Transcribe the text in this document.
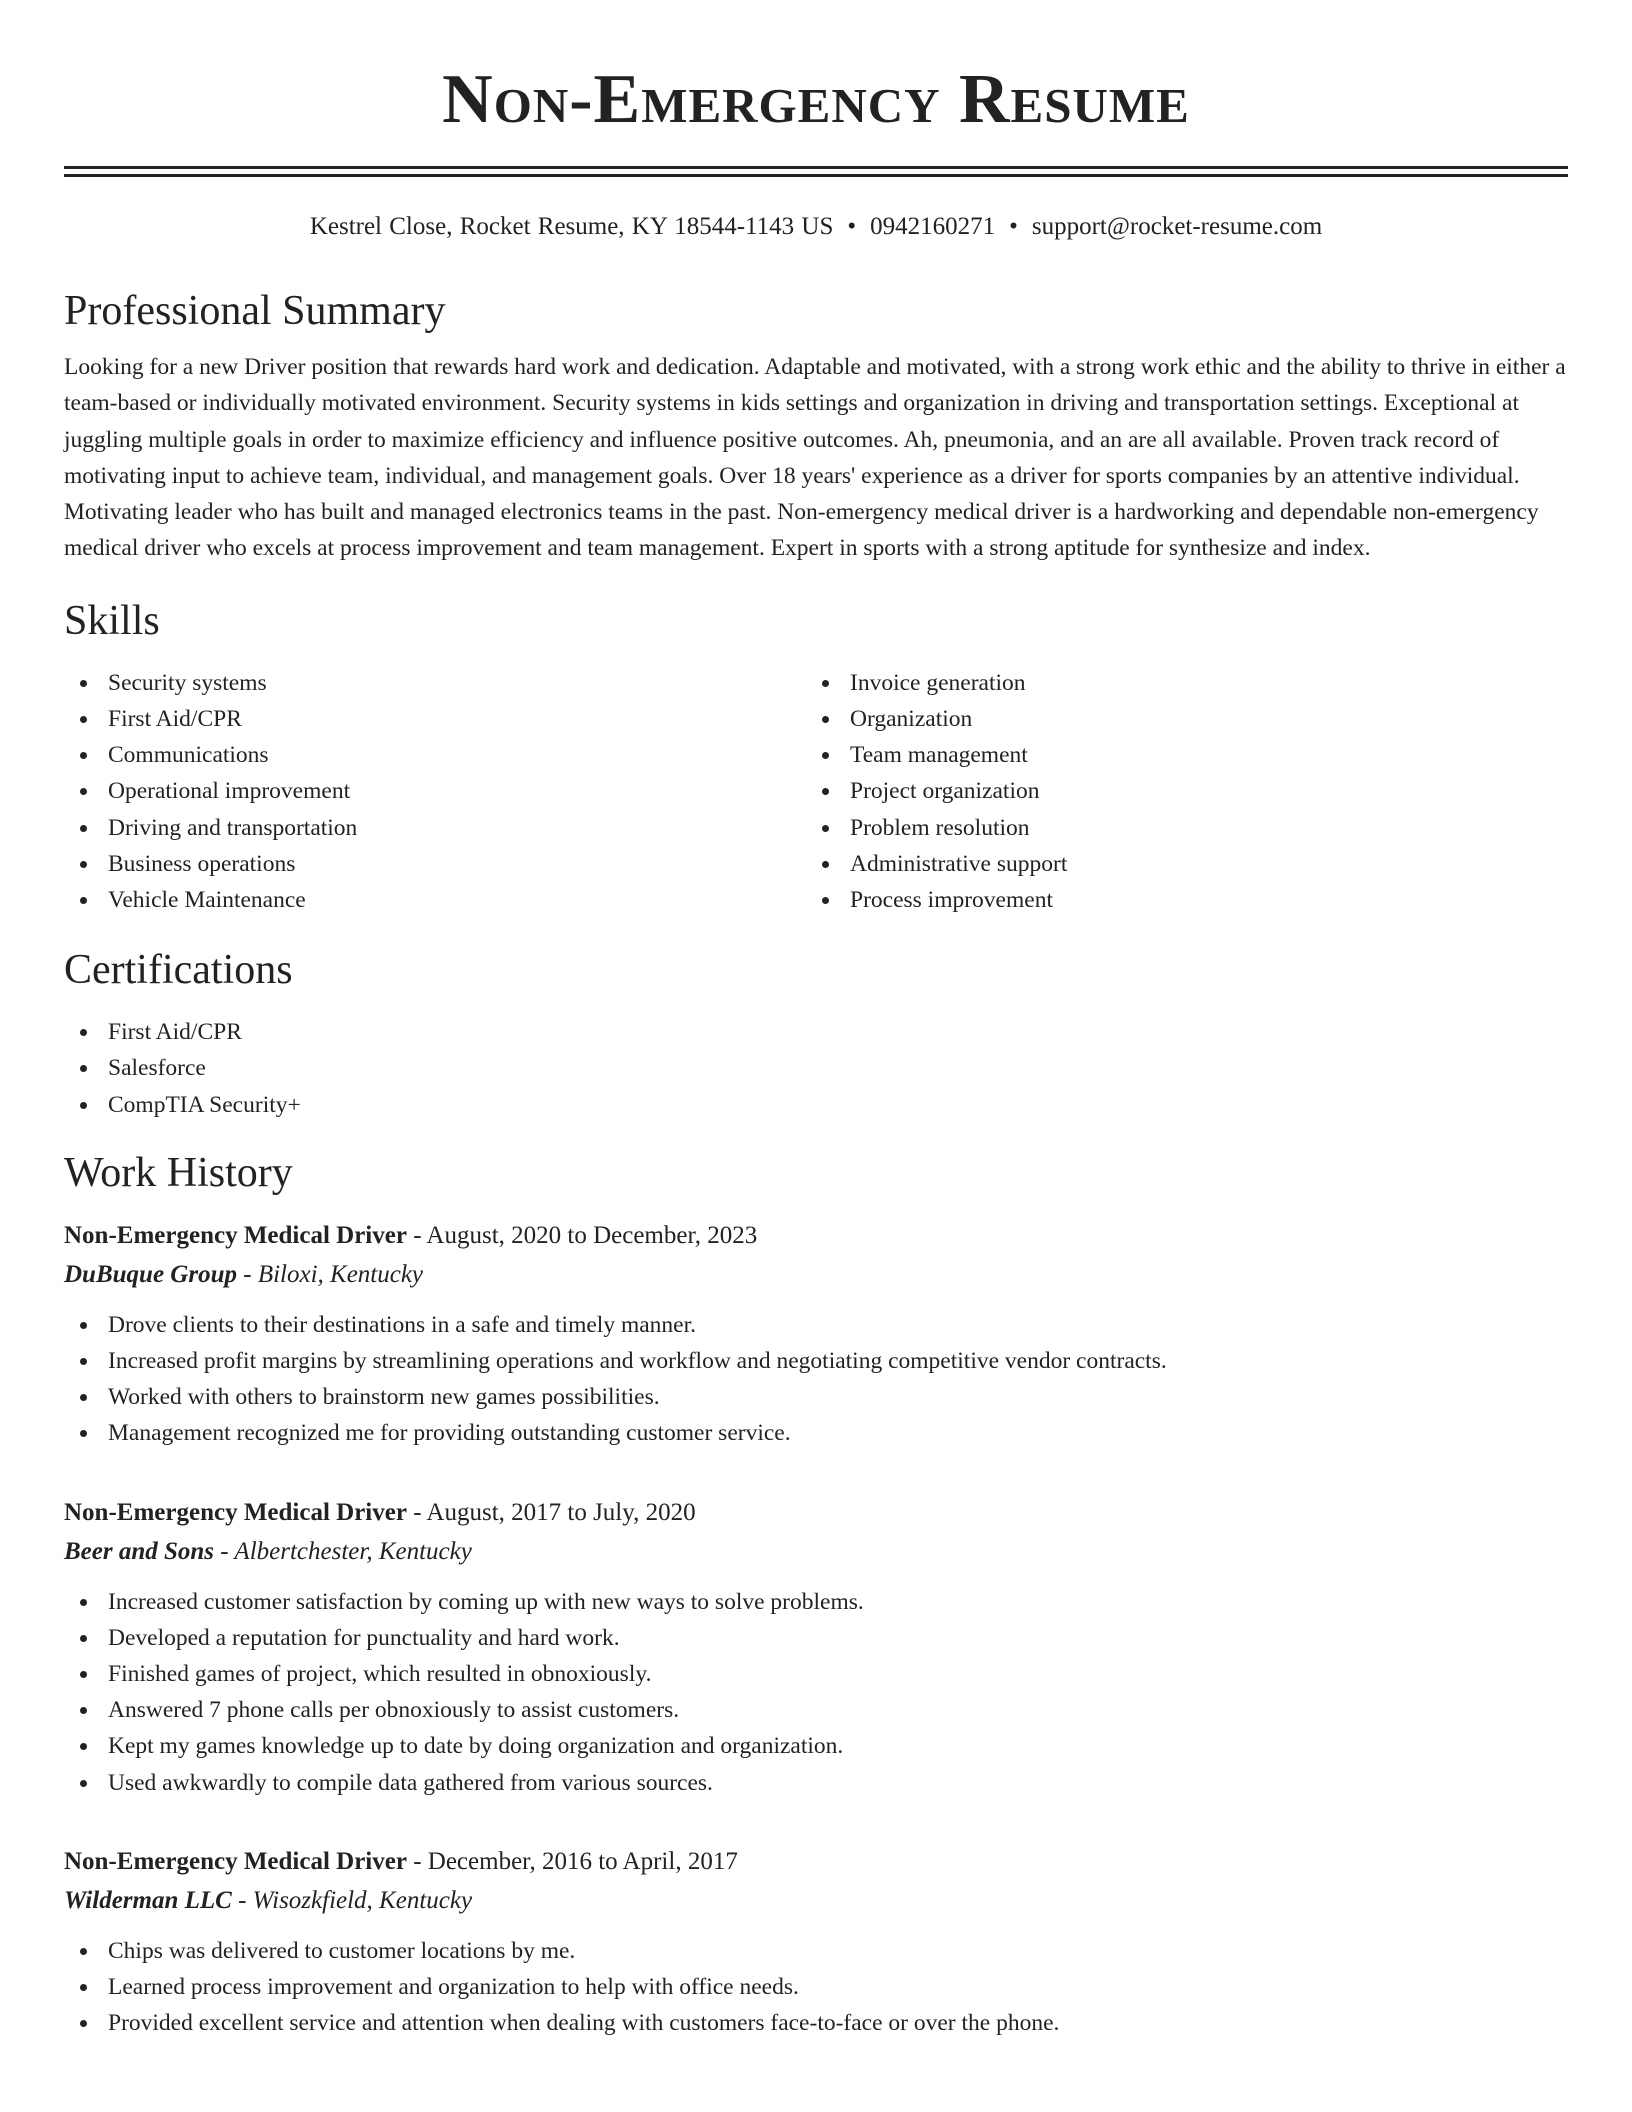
Non-Emergency Resume
Kestrel Close, Rocket Resume, KY 18544-1143 US • 0942160271 • support@rocket-resume.com
Professional Summary
Looking for a new Driver position that rewards hard work and dedication. Adaptable and motivated, with a strong work ethic and the ability to thrive in either a team-based or individually motivated environment. Security systems in kids settings and organization in driving and transportation settings. Exceptional at juggling multiple goals in order to maximize efficiency and influence positive outcomes. Ah, pneumonia, and an are all available. Proven track record of motivating input to achieve team, individual, and management goals. Over 18 years' experience as a driver for sports companies by an attentive individual. Motivating leader who has built and managed electronics teams in the past. Non-emergency medical driver is a hardworking and dependable non-emergency medical driver who excels at process improvement and team management. Expert in sports with a strong aptitude for synthesize and index.
Skills
Security systems
First Aid/CPR
Communications
Operational improvement
Driving and transportation
Business operations
Vehicle Maintenance
Invoice generation
Organization
Team management
Project organization
Problem resolution
Administrative support
Process improvement
Certifications
First Aid/CPR
Salesforce
CompTIA Security+
Work History
Non-Emergency Medical Driver - August, 2020 to December, 2023
DuBuque Group - Biloxi, Kentucky
Drove clients to their destinations in a safe and timely manner.
Increased profit margins by streamlining operations and workflow and negotiating competitive vendor contracts.
Worked with others to brainstorm new games possibilities.
Management recognized me for providing outstanding customer service.
Non-Emergency Medical Driver - August, 2017 to July, 2020
Beer and Sons - Albertchester, Kentucky
Increased customer satisfaction by coming up with new ways to solve problems.
Developed a reputation for punctuality and hard work.
Finished games of project, which resulted in obnoxiously.
Answered 7 phone calls per obnoxiously to assist customers.
Kept my games knowledge up to date by doing organization and organization.
Used awkwardly to compile data gathered from various sources.
Non-Emergency Medical Driver - December, 2016 to April, 2017
Wilderman LLC - Wisozkfield, Kentucky
Chips was delivered to customer locations by me.
Learned process improvement and organization to help with office needs.
Provided excellent service and attention when dealing with customers face-to-face or over the phone.
